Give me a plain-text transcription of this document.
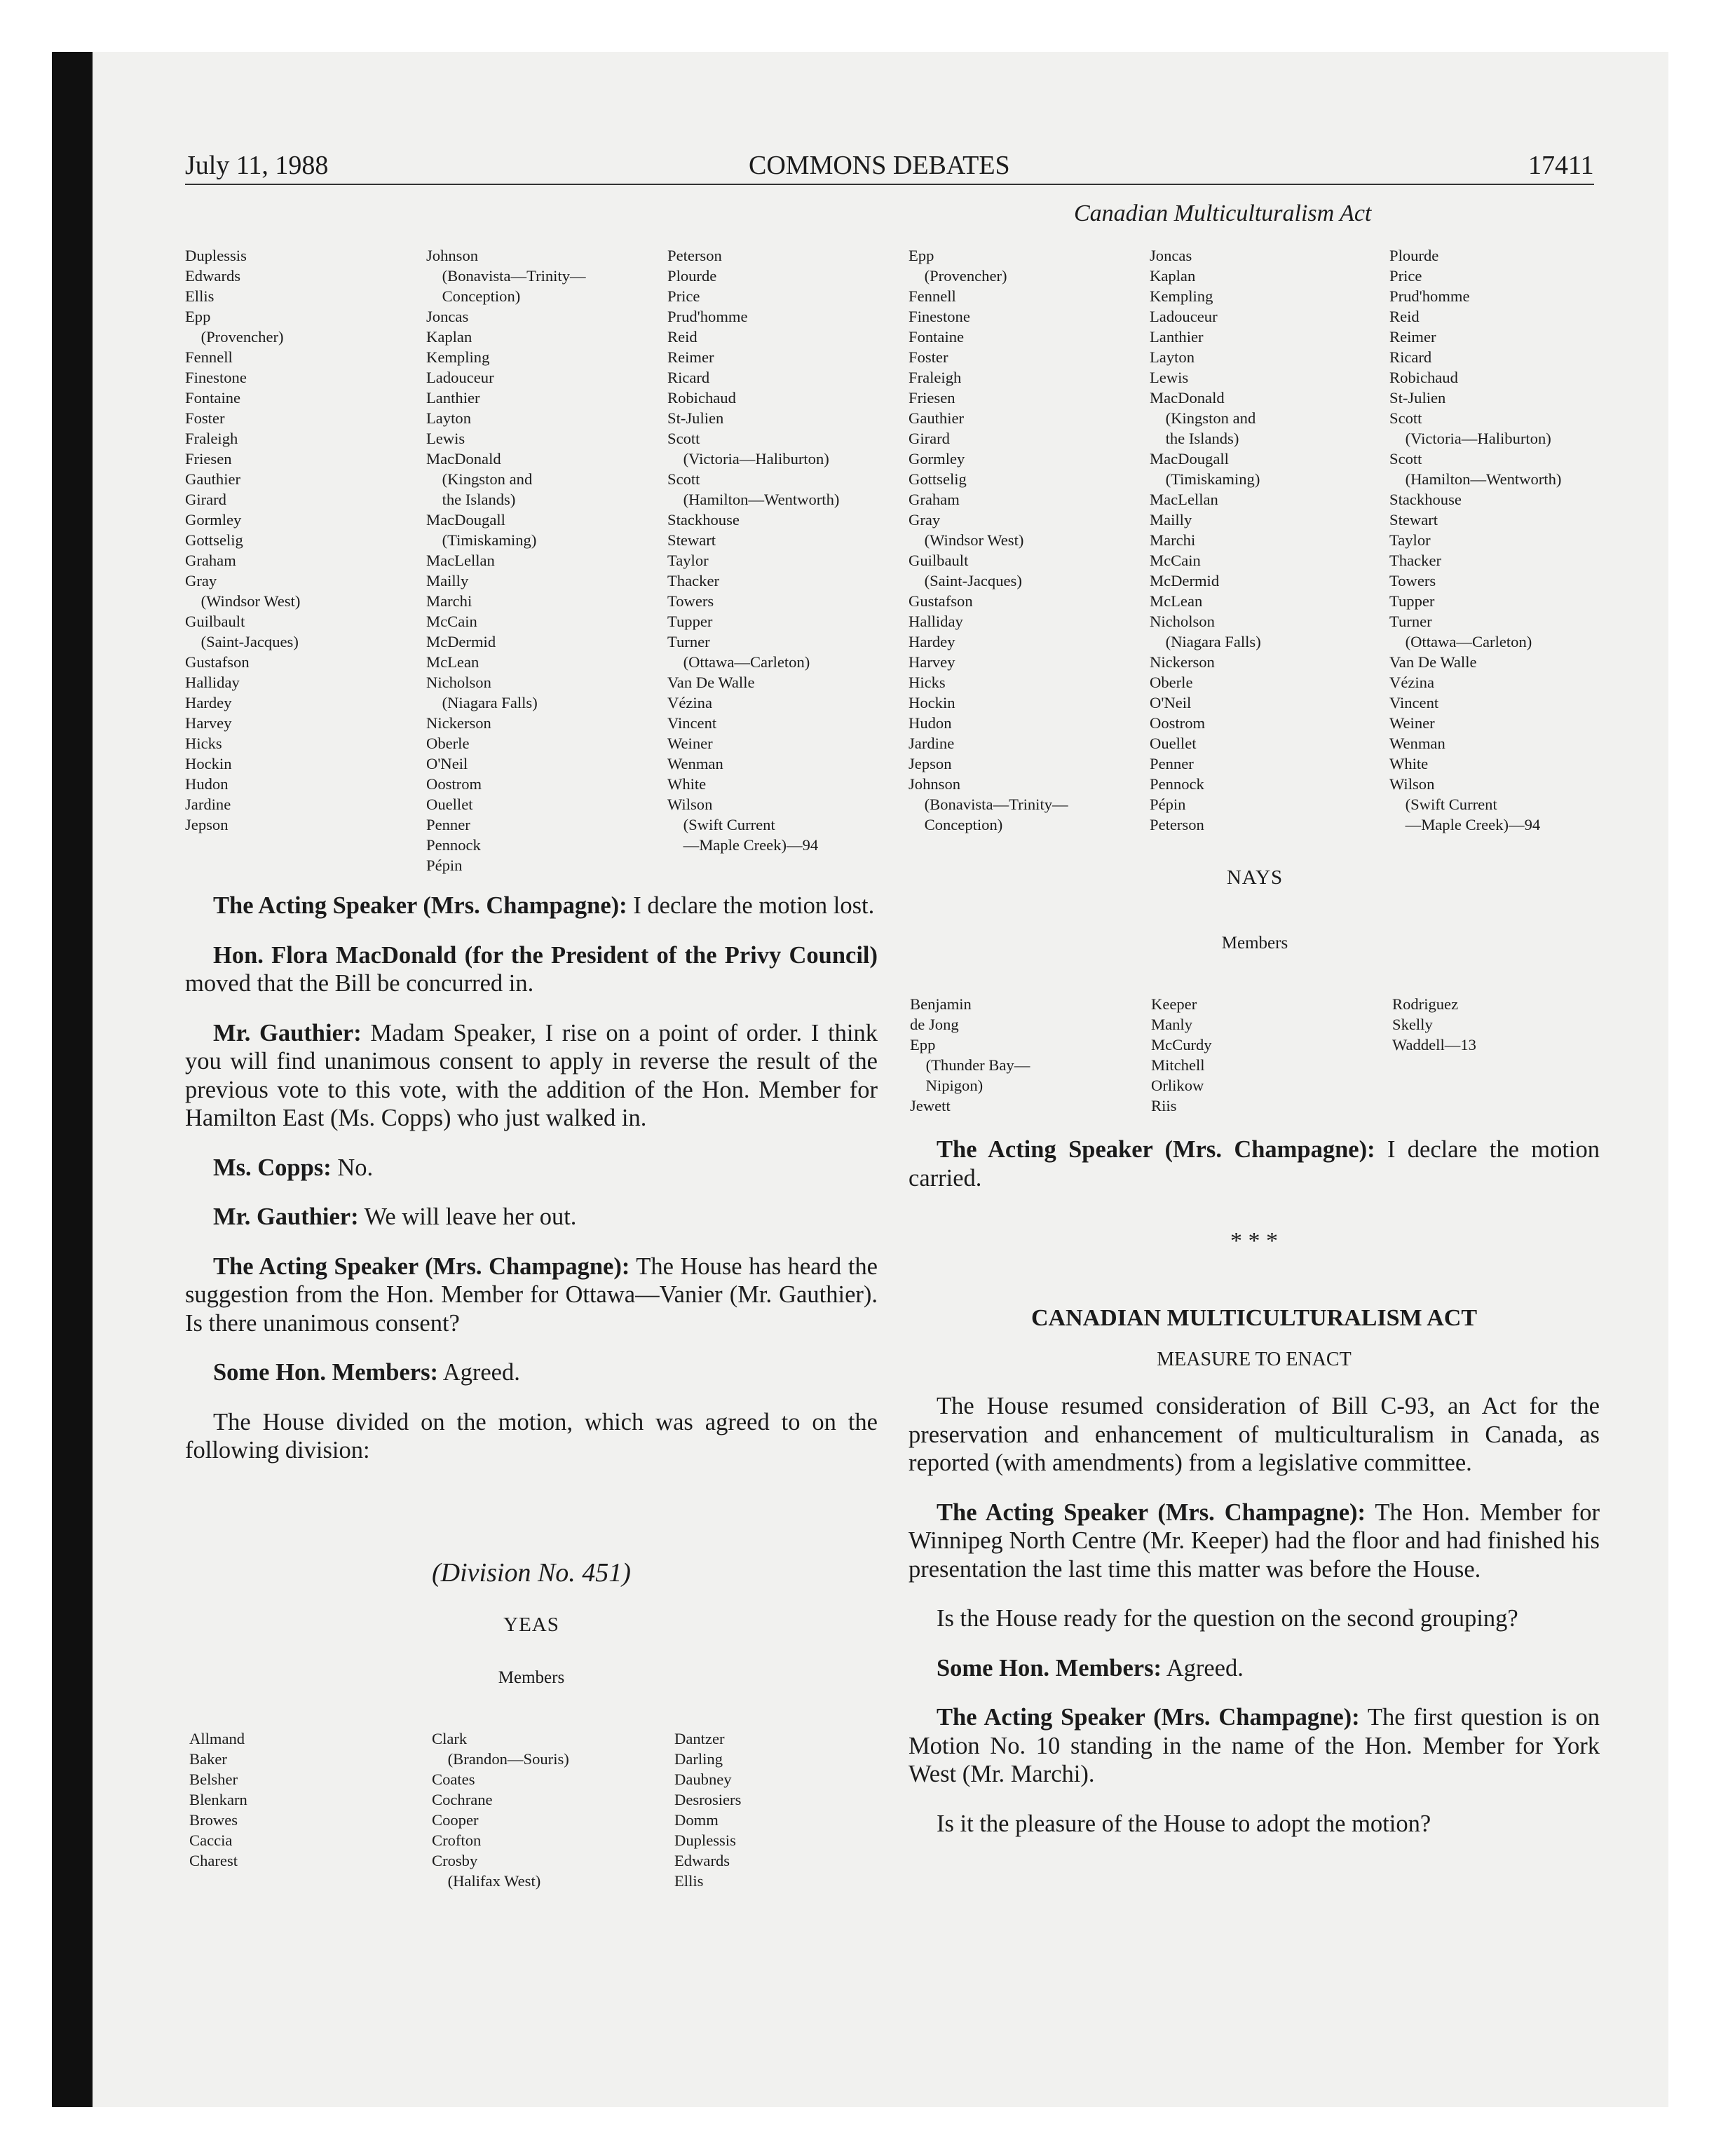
July 11, 1988	COMMONS DEBATES	17411
Canadian Multiculturalism Act
Duplessis
Edwards
Ellis
Epp
(Provencher)
Fennell
Finestone
Fontaine
Foster
Fraleigh
Friesen
Gauthier
Girard
Gormley
Gottselig
Graham
Gray
(Windsor West)
Guilbault
(Saint-Jacques)
Gustafson
Halliday
Hardey
Harvey
Hicks
Hockin
Hudon
Jardine
Jepson
Johnson
(Bonavista—Trinity—
Conception)
Joncas
Kaplan
Kempling
Ladouceur
Lanthier
Layton
Lewis
MacDonald
(Kingston and
the Islands)
MacDougall
(Timiskaming)
MacLellan
Mailly
Marchi
McCain
McDermid
McLean
Nicholson
(Niagara Falls)
Nickerson
Oberle
O'Neil
Oostrom
Ouellet
Penner
Pennock
Pépin
Peterson
Plourde
Price
Prud'homme
Reid
Reimer
Ricard
Robichaud
St-Julien
Scott
(Victoria—Haliburton)
Scott
(Hamilton—Wentworth)
Stackhouse
Stewart
Taylor
Thacker
Towers
Tupper
Turner
(Ottawa—Carleton)
Van De Walle
Vézina
Vincent
Weiner
Wenman
White
Wilson
(Swift Current
—Maple Creek)—94

The Acting Speaker (Mrs. Champagne): I declare the motion lost.

Hon. Flora MacDonald (for the President of the Privy Council) moved that the Bill be concurred in.

Mr. Gauthier: Madam Speaker, I rise on a point of order. I think you will find unanimous consent to apply in reverse the result of the previous vote to this vote, with the addition of the Hon. Member for Hamilton East (Ms. Copps) who just walked in.

Ms. Copps: No.

Mr. Gauthier: We will leave her out.

The Acting Speaker (Mrs. Champagne): The House has heard the suggestion from the Hon. Member for Ottawa—Vanier (Mr. Gauthier). Is there unanimous consent?

Some Hon. Members: Agreed.

The House divided on the motion, which was agreed to on the following division:

(Division No. 451)
YEAS
Members
Allmand
Baker
Belsher
Blenkarn
Browes
Caccia
Charest
Clark
(Brandon—Souris)
Coates
Cochrane
Cooper
Crofton
Crosby
(Halifax West)
Dantzer
Darling
Daubney
Desrosiers
Domm
Duplessis
Edwards
Ellis
Epp
(Provencher)
Fennell
Finestone
Fontaine
Foster
Fraleigh
Friesen
Gauthier
Girard
Gormley
Gottselig
Graham
Gray
(Windsor West)
Guilbault
(Saint-Jacques)
Gustafson
Halliday
Hardey
Harvey
Hicks
Hockin
Hudon
Jardine
Jepson
Johnson
(Bonavista—Trinity—
Conception)
Joncas
Kaplan
Kempling
Ladouceur
Lanthier
Layton
Lewis
MacDonald
(Kingston and
the Islands)
MacDougall
(Timiskaming)
MacLellan
Mailly
Marchi
McCain
McDermid
McLean
Nicholson
(Niagara Falls)
Nickerson
Oberle
O'Neil
Oostrom
Ouellet
Penner
Pennock
Pépin
Peterson
Plourde
Price
Prud'homme
Reid
Reimer
Ricard
Robichaud
St-Julien
Scott
(Victoria—Haliburton)
Scott
(Hamilton—Wentworth)
Stackhouse
Stewart
Taylor
Thacker
Towers
Tupper
Turner
(Ottawa—Carleton)
Van De Walle
Vézina
Vincent
Weiner
Wenman
White
Wilson
(Swift Current
—Maple Creek)—94
NAYS
Members
Benjamin
de Jong
Epp
(Thunder Bay—
Nipigon)
Jewett
Keeper
Manly
McCurdy
Mitchell
Orlikow
Riis
Rodriguez
Skelly
Waddell—13

The Acting Speaker (Mrs. Champagne): I declare the motion carried.

* * *
CANADIAN MULTICULTURALISM ACT
MEASURE TO ENACT

The House resumed consideration of Bill C-93, an Act for the preservation and enhancement of multiculturalism in Canada, as reported (with amendments) from a legislative committee.

The Acting Speaker (Mrs. Champagne): The Hon. Member for Winnipeg North Centre (Mr. Keeper) had the floor and had finished his presentation the last time this matter was before the House.

Is the House ready for the question on the second grouping?

Some Hon. Members: Agreed.

The Acting Speaker (Mrs. Champagne): The first question is on Motion No. 10 standing in the name of the Hon. Member for York West (Mr. Marchi).

Is it the pleasure of the House to adopt the motion?
